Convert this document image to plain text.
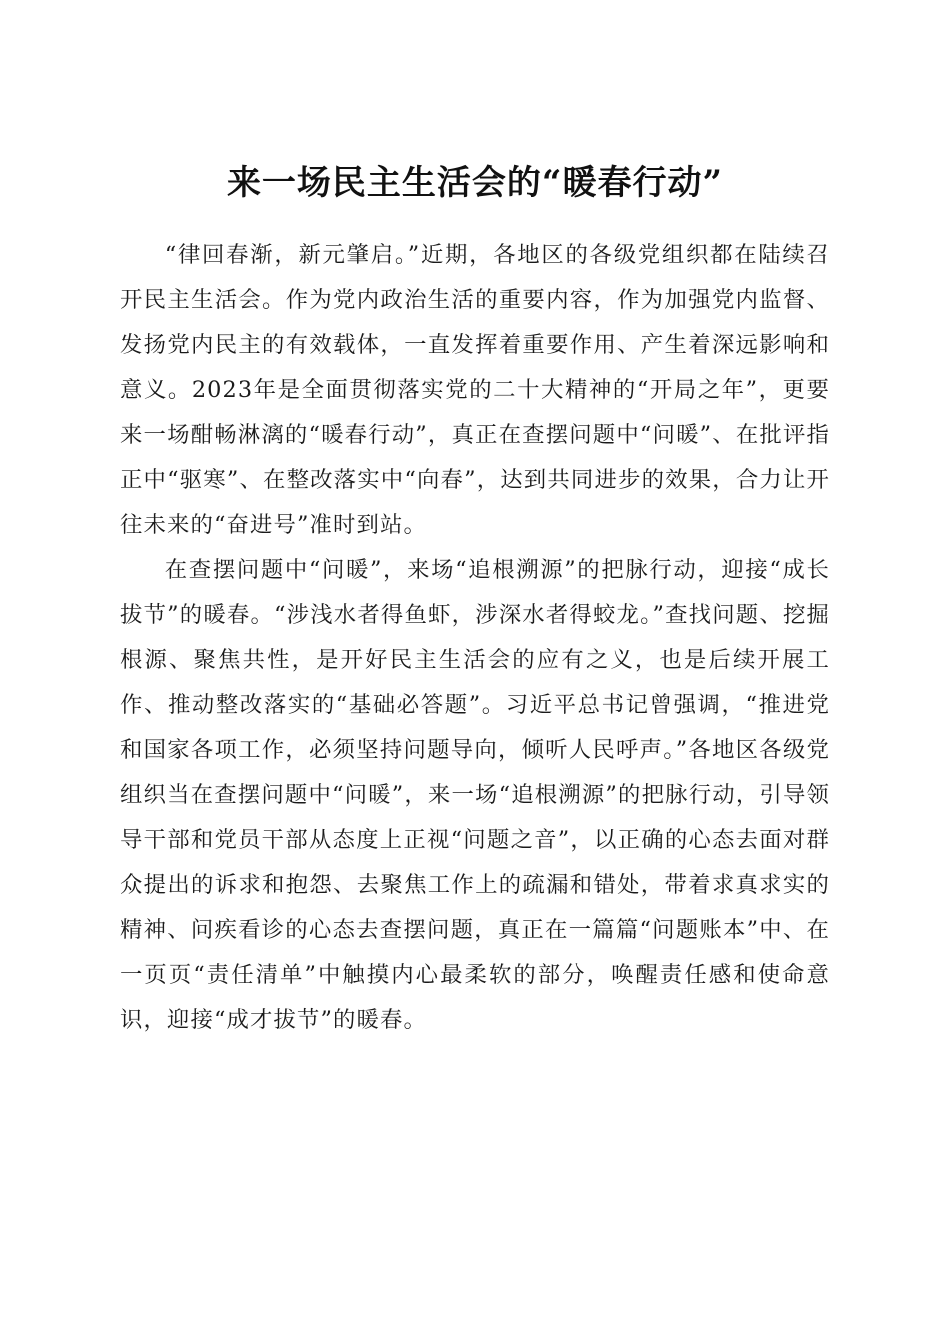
来一场民主生活会的“暖春行动”

“律回春渐，新元肇启。”近期，各地区的各级党组织都在陆续召开民主生活会。作为党内政治生活的重要内容，作为加强党内监督、发扬党内民主的有效载体，一直发挥着重要作用、产生着深远影响和意义。2023年是全面贯彻落实党的二十大精神的“开局之年”，更要来一场酣畅淋漓的“暖春行动”，真正在查摆问题中“问暖”、在批评指正中“驱寒”、在整改落实中“向春”，达到共同进步的效果，合力让开往未来的“奋进号”准时到站。

在查摆问题中“问暖”，来场“追根溯源”的把脉行动，迎接“成长拔节”的暖春。“涉浅水者得鱼虾，涉深水者得蛟龙。”查找问题、挖掘根源、聚焦共性，是开好民主生活会的应有之义，也是后续开展工作、推动整改落实的“基础必答题”。习近平总书记曾强调，“推进党和国家各项工作，必须坚持问题导向，倾听人民呼声。”各地区各级党组织当在查摆问题中“问暖”，来一场“追根溯源”的把脉行动，引导领导干部和党员干部从态度上正视“问题之音”，以正确的心态去面对群众提出的诉求和抱怨、去聚焦工作上的疏漏和错处，带着求真求实的精神、问疾看诊的心态去查摆问题，真正在一篇篇“问题账本”中、在一页页“责任清单”中触摸内心最柔软的部分，唤醒责任感和使命意识，迎接“成才拔节”的暖春。
